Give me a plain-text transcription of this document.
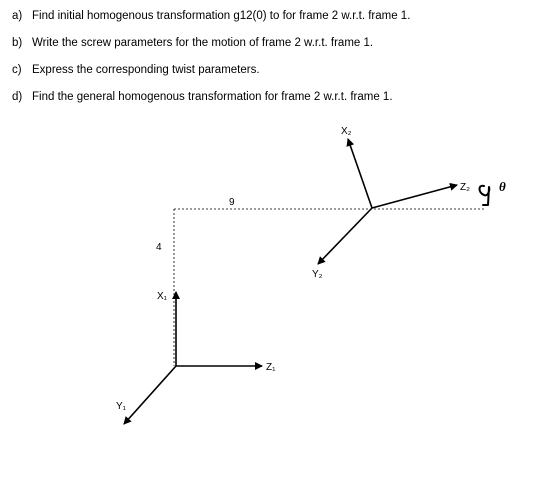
a) Find initial homogenous transformation g12(0) to for frame 2 w.r.t. frame 1.
b) Write the screw parameters for the motion of frame 2 w.r.t. frame 1.
c) Express the corresponding twist parameters.
d) Find the general homogenous transformation for frame 2 w.r.t. frame 1.
X₁
Z₁
Y₁
4
9
X₂
Z₂
Y₂
θ
